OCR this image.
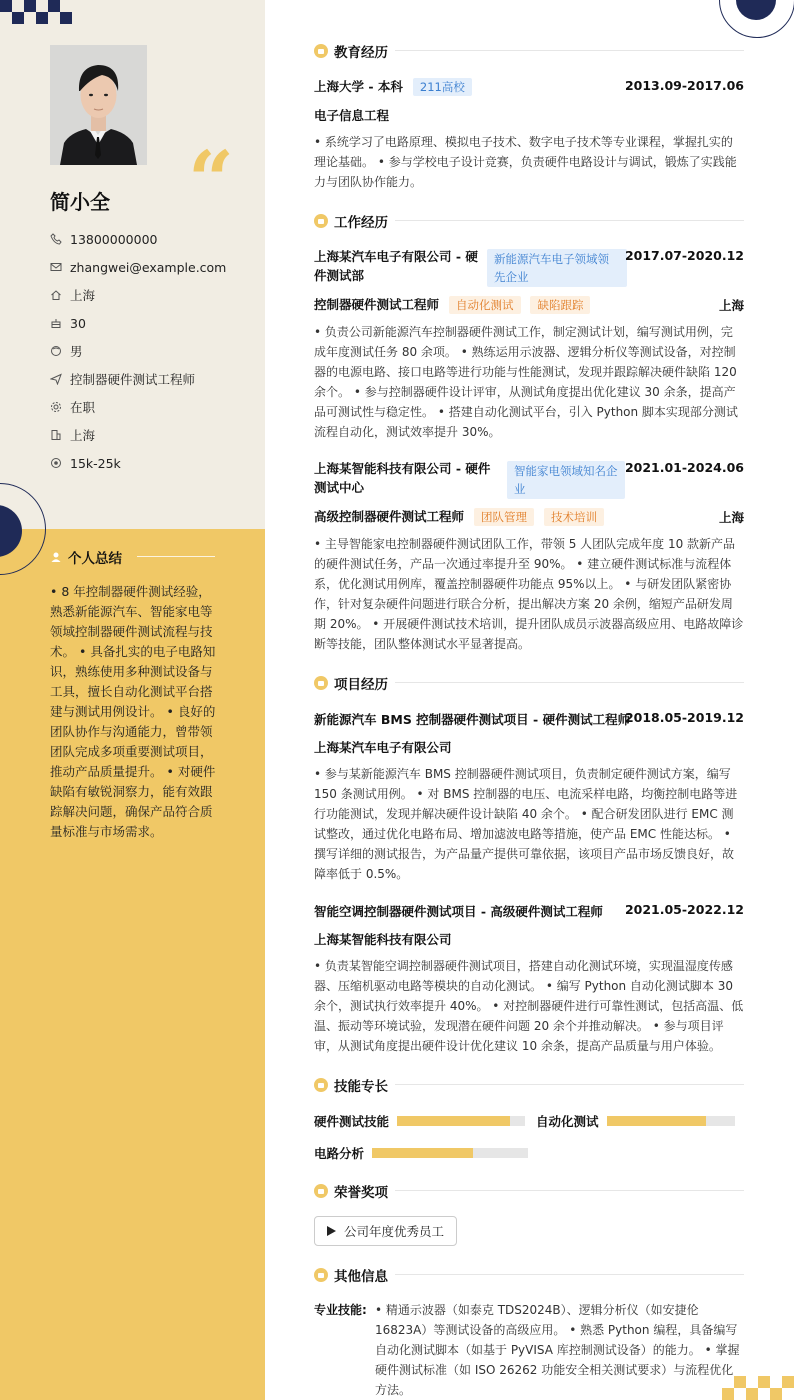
“
简小全
13800000000
zhangwei@example.com
上海
30
男
控制器硬件测试工程师
在职
上海
15k-25k
个人总结
• 8 年控制器硬件测试经验，熟悉新能源汽车、智能家电等领域控制器硬件测试流程与技术。 • 具备扎实的电子电路知识，熟练使用多种测试设备与工具，擅长自动化测试平台搭建与测试用例设计。 • 良好的团队协作与沟通能力，曾带领团队完成多项重要测试项目，推动产品质量提升。 • 对硬件缺陷有敏锐洞察力，能有效跟踪解决问题，确保产品符合质量标准与市场需求。
教育经历
上海大学 - 本科 211高校	2013.09-2017.06
电子信息工程
• 系统学习了电路原理、模拟电子技术、数字电子技术等专业课程，掌握扎实的理论基础。 • 参与学校电子设计竞赛，负责硬件电路设计与调试，锻炼了实践能力与团队协作能力。
工作经历
上海某汽车电子有限公司 - 硬件测试部
新能源汽车电子领域领先企业
2017.07-2020.12
控制器硬件测试工程师 自动化测试 缺陷跟踪	上海
• 负责公司新能源汽车控制器硬件测试工作，制定测试计划，编写测试用例，完成年度测试任务 80 余项。 • 熟练运用示波器、逻辑分析仪等测试设备，对控制器的电源电路、接口电路等进行功能与性能测试，发现并跟踪解决硬件缺陷 120 余个。 • 参与控制器硬件设计评审，从测试角度提出优化建议 30 余条，提高产品可测试性与稳定性。 • 搭建自动化测试平台，引入 Python 脚本实现部分测试流程自动化，测试效率提升 30%。
上海某智能科技有限公司 - 硬件测试中心
智能家电领域知名企业
2021.01-2024.06
高级控制器硬件测试工程师 团队管理 技术培训	上海
• 主导智能家电控制器硬件测试团队工作，带领 5 人团队完成年度 10 款新产品的硬件测试任务，产品一次通过率提升至 90%。 • 建立硬件测试标准与流程体系，优化测试用例库，覆盖控制器硬件功能点 95%以上。 • 与研发团队紧密协作，针对复杂硬件问题进行联合分析，提出解决方案 20 余例，缩短产品研发周期 20%。 • 开展硬件测试技术培训，提升团队成员示波器高级应用、电路故障诊断等技能，团队整体测试水平显著提高。
项目经历
新能源汽车 BMS 控制器硬件测试项目 - 硬件测试工程师
2018.05-2019.12
上海某汽车电子有限公司
• 参与某新能源汽车 BMS 控制器硬件测试项目，负责制定硬件测试方案，编写 150 条测试用例。 • 对 BMS 控制器的电压、电流采样电路，均衡控制电路等进行功能测试，发现并解决硬件设计缺陷 40 余个。 • 配合研发团队进行 EMC 测试整改，通过优化电路布局、增加滤波电路等措施，使产品 EMC 性能达标。 • 撰写详细的测试报告，为产品量产提供可靠依据，该项目产品市场反馈良好，故障率低于 0.5%。
智能空调控制器硬件测试项目 - 高级硬件测试工程师	2021.05-2022.12
上海某智能科技有限公司
• 负责某智能空调控制器硬件测试项目，搭建自动化测试环境，实现温湿度传感器、压缩机驱动电路等模块的自动化测试。 • 编写 Python 自动化测试脚本 30 余个，测试执行效率提升 40%。 • 对控制器硬件进行可靠性测试，包括高温、低温、振动等环境试验，发现潜在硬件问题 20 余个并推动解决。 • 参与项目评审，从测试角度提出硬件设计优化建议 10 余条，提高产品质量与用户体验。
技能专长
硬件测试技能	自动化测试
电路分析
荣誉奖项
公司年度优秀员工
其他信息
专业技能: • 精通示波器（如泰克 TDS2024B）、逻辑分析仪（如安捷伦 16823A）等测试设备的高级应用。 • 熟悉 Python 编程，具备编写自动化测试脚本（如基于 PyVISA 库控制测试设备）的能力。 • 掌握硬件测试标准（如 ISO 26262 功能安全相关测试要求）与流程优化方法。
